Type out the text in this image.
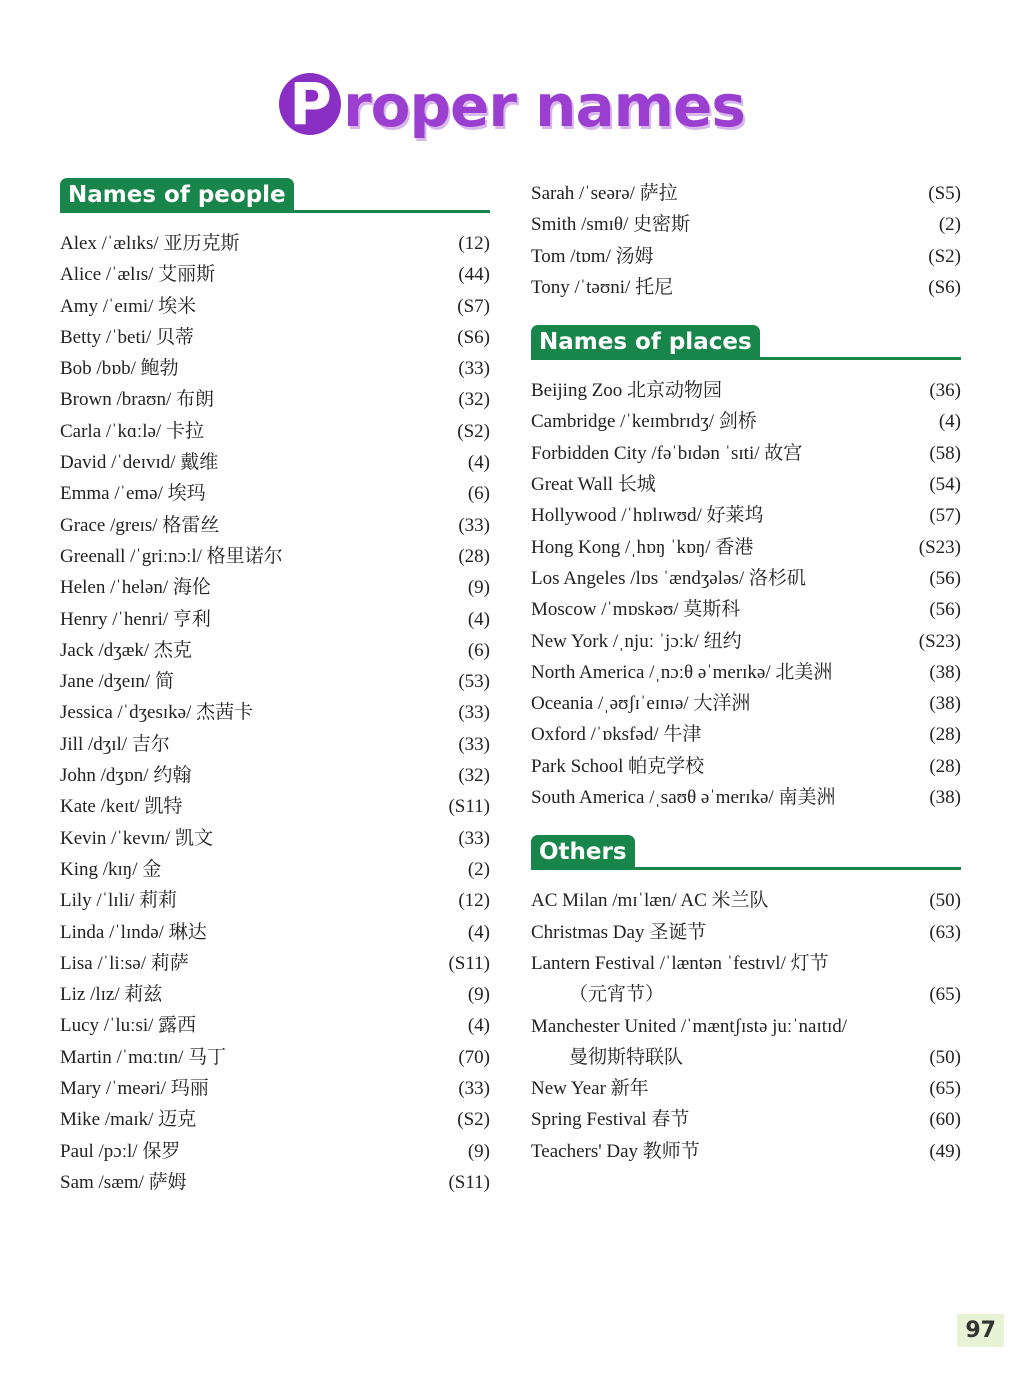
P roper names
Names of people
Alex /ˈælɪks/ 亚历克斯	(12)
Alice /ˈælɪs/ 艾丽斯	(44)
Amy /ˈeɪmi/ 埃米	(S7)
Betty /ˈbeti/ 贝蒂	(S6)
Bob /bɒb/ 鲍勃	(33)
Brown /braʊn/ 布朗	(32)
Carla /ˈkɑːlə/ 卡拉	(S2)
David /ˈdeɪvɪd/ 戴维	(4)
Emma /ˈemə/ 埃玛	(6)
Grace /greɪs/ 格雷丝	(33)
Greenall /ˈgriːnɔːl/ 格里诺尔	(28)
Helen /ˈhelən/ 海伦	(9)
Henry /ˈhenri/ 亨利	(4)
Jack /dʒæk/ 杰克	(6)
Jane /dʒeɪn/ 简	(53)
Jessica /ˈdʒesɪkə/ 杰茜卡	(33)
Jill /dʒɪl/ 吉尔	(33)
John /dʒɒn/ 约翰	(32)
Kate /keɪt/ 凯特	(S11)
Kevin /ˈkevɪn/ 凯文	(33)
King /kɪŋ/ 金	(2)
Lily /ˈlɪli/ 莉莉	(12)
Linda /ˈlɪndə/ 琳达	(4)
Lisa /ˈliːsə/ 莉萨	(S11)
Liz /lɪz/ 莉兹	(9)
Lucy /ˈluːsi/ 露西	(4)
Martin /ˈmɑːtɪn/ 马丁	(70)
Mary /ˈmeəri/ 玛丽	(33)
Mike /maɪk/ 迈克	(S2)
Paul /pɔːl/ 保罗	(9)
Sam /sæm/ 萨姆	(S11)
Sarah /ˈseərə/ 萨拉	(S5)
Smith /smɪθ/ 史密斯	(2)
Tom /tɒm/ 汤姆	(S2)
Tony /ˈtəʊni/ 托尼	(S6)
Names of places
Beijing Zoo 北京动物园	(36)
Cambridge /ˈkeɪmbrɪdʒ/ 剑桥	(4)
Forbidden City /fəˈbɪdən ˈsɪti/ 故宫	(58)
Great Wall 长城	(54)
Hollywood /ˈhɒlɪwʊd/ 好莱坞	(57)
Hong Kong /ˌhɒŋ ˈkɒŋ/ 香港	(S23)
Los Angeles /lɒs ˈændʒələs/ 洛杉矶	(56)
Moscow /ˈmɒskəʊ/ 莫斯科	(56)
New York /ˌnjuː ˈjɔːk/ 纽约	(S23)
North America /ˌnɔːθ əˈmerɪkə/ 北美洲	(38)
Oceania /ˌəʊʃɪˈeɪnɪə/ 大洋洲	(38)
Oxford /ˈɒksfəd/ 牛津	(28)
Park School 帕克学校	(28)
South America /ˌsaʊθ əˈmerɪkə/ 南美洲	(38)
Others
AC Milan /mɪˈlæn/ AC 米兰队	(50)
Christmas Day 圣诞节	(63)
Lantern Festival /ˈlæntən ˈfestɪvl/ 灯节
（元宵节）	(65)
Manchester United /ˈmæntʃɪstə juːˈnaɪtɪd/
曼彻斯特联队	(50)
New Year 新年	(65)
Spring Festival 春节	(60)
Teachers' Day 教师节	(49)
97
